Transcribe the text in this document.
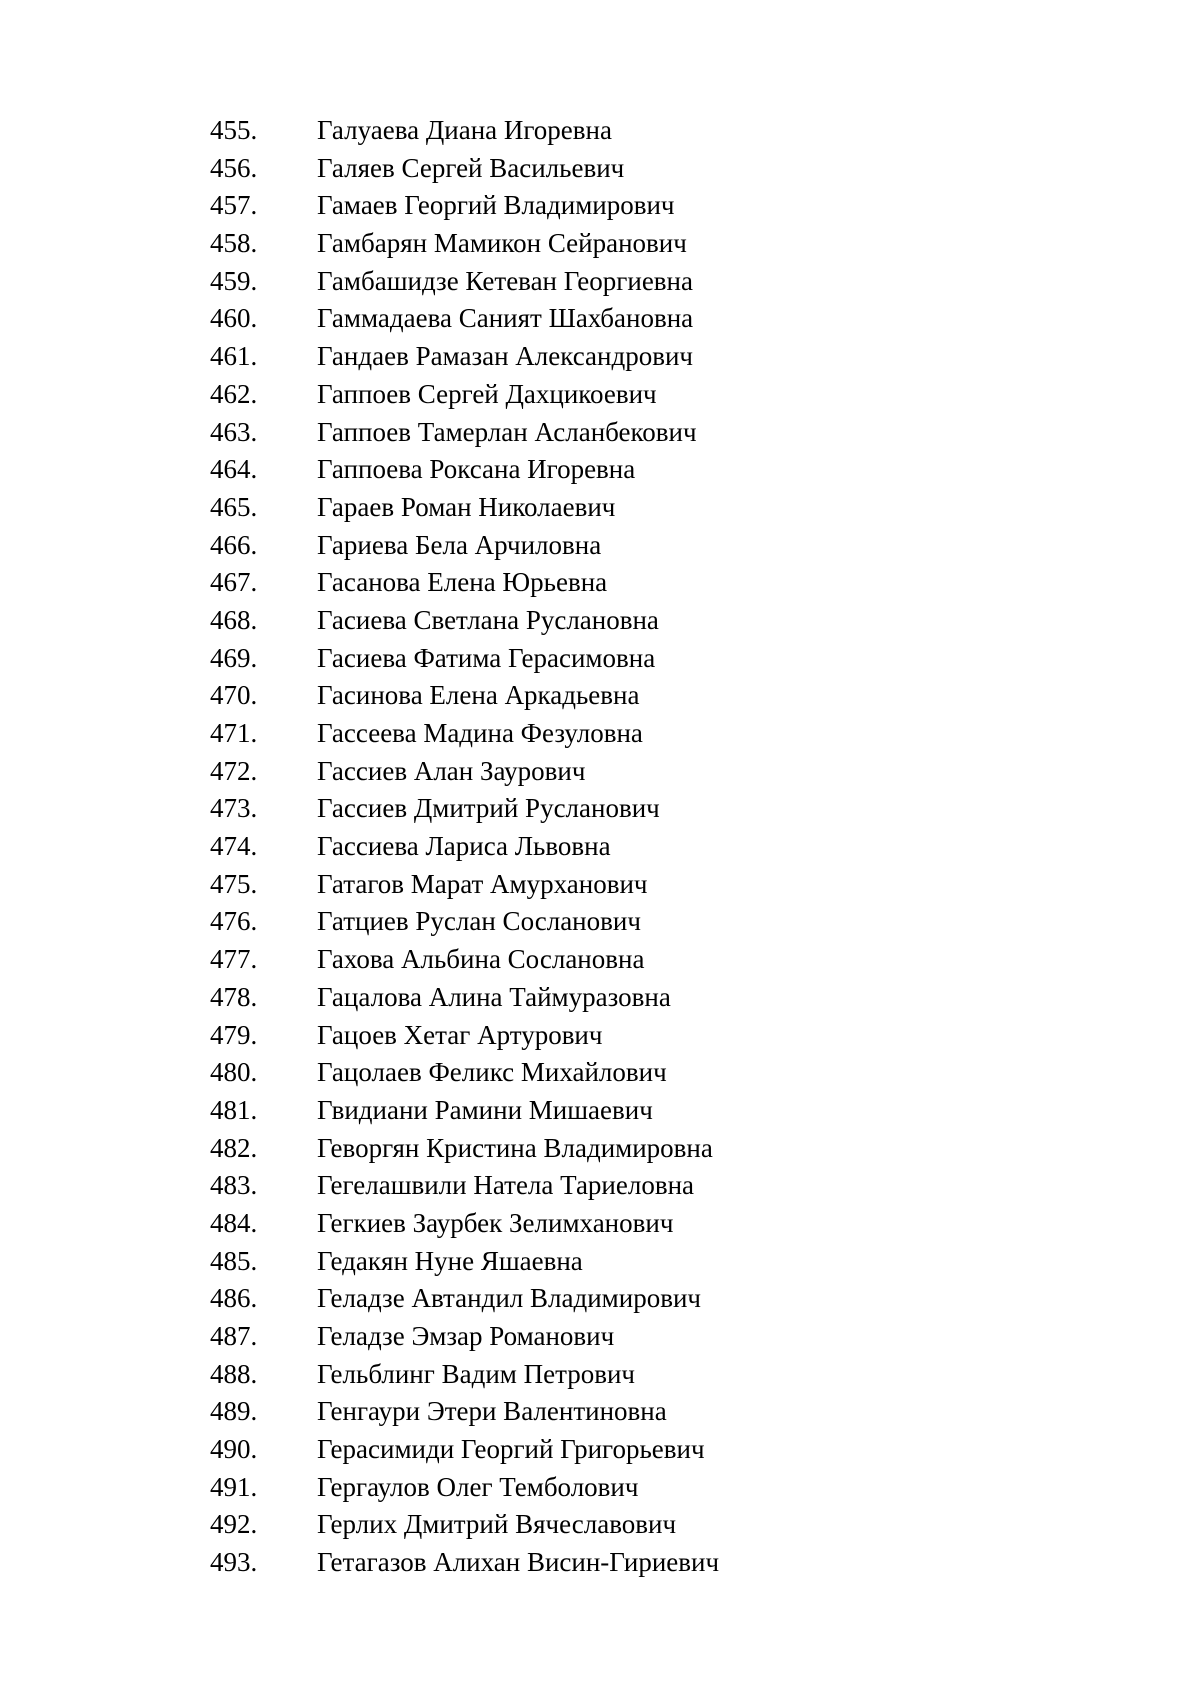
455. Галуаева Диана Игоревна
456. Галяев Сергей Васильевич
457. Гамаев Георгий Владимирович
458. Гамбарян Мамикон Сейранович
459. Гамбашидзе Кетеван Георгиевна
460. Гаммадаева Саният Шахбановна
461. Гандаев Рамазан Александрович
462. Гаппоев Сергей Дахцикоевич
463. Гаппоев Тамерлан Асланбекович
464. Гаппоева Роксана Игоревна
465. Гараев Роман Николаевич
466. Гариева Бела Арчиловна
467. Гасанова Елена Юрьевна
468. Гасиева Светлана Руслановна
469. Гасиева Фатима Герасимовна
470. Гасинова Елена Аркадьевна
471. Гассеева Мадина Фезуловна
472. Гассиев Алан Заурович
473. Гассиев Дмитрий Русланович
474. Гассиева Лариса Львовна
475. Гатагов Марат Амурханович
476. Гатциев Руслан Сосланович
477. Гахова Альбина Сослановна
478. Гацалова Алина Таймуразовна
479. Гацоев Хетаг Артурович
480. Гацолаев Феликс Михайлович
481. Гвидиани Рамини Мишаевич
482. Геворгян Кристина Владимировна
483. Гегелашвили Натела Тариеловна
484. Гегкиев Заурбек Зелимханович
485. Гедакян Нуне Яшаевна
486. Геладзе Автандил Владимирович
487. Геладзе Эмзар Романович
488. Гельблинг Вадим Петрович
489. Генгаури Этери Валентиновна
490. Герасимиди Георгий Григорьевич
491. Гергаулов Олег Темболович
492. Герлих Дмитрий Вячеславович
493. Гетагазов Алихан Висин-Гириевич
